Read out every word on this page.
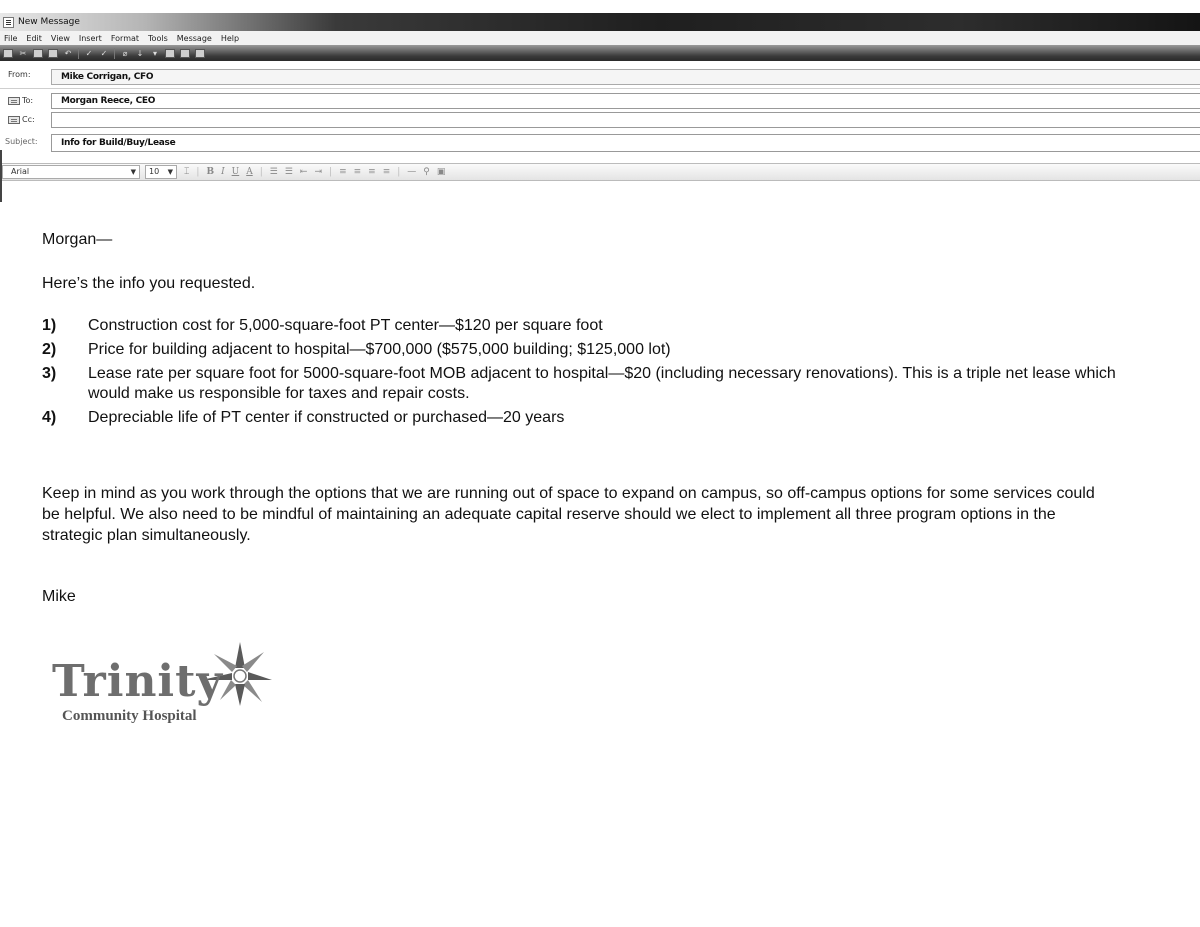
New Message
File Edit View Insert Format Tools Message Help
✂	↶ ✓ ✓	⌀	↓	▾
From:	Mike Corrigan, CFO
To:	Morgan Reece, CEO
Cc:
Subject:	Info for Build/Buy/Lease
Arial	▼	10 ▼ ⌶ | B I U A | ☰ ☰ ⇤ ⇥ | ≡ ≡ ≡ ≡ | — ⚲ ▣
Morgan—
Here’s the info you requested.
1) Construction cost for 5,000-square-foot PT center—$120 per square foot
2) Price for building adjacent to hospital—$700,000 ($575,000 building; $125,000 lot)
3) Lease rate per square foot for 5000-square-foot MOB adjacent to hospital—$20 (including necessary renovations). This is a triple net lease which would make us responsible for taxes and repair costs.
4) Depreciable life of PT center if constructed or purchased—20 years
Keep in mind as you work through the options that we are running out of space to expand on campus, so off-campus options for some services could be helpful. We also need to be mindful of maintaining an adequate capital reserve should we elect to implement all three program options in the strategic plan simultaneously.
Mike
Trinity
Community Hospital
